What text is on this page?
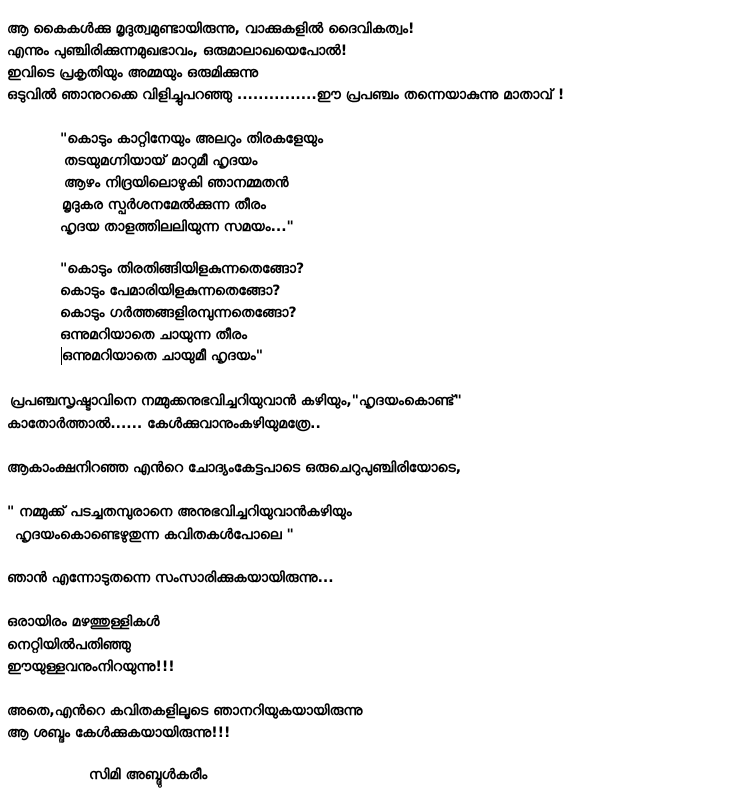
ആ കൈകൾക്കു മൃദുത്വമുണ്ടായിരുന്നു, വാക്കുകളിൽ ദൈവികത്വം!
എന്നും പുഞ്ചിരിക്കുന്നമുഖഭാവം, ഒരുമാലാഖയെപോൽ!
ഇവിടെ പ്രകൃതിയും അമ്മയും ഒരുമിക്കുന്നു
ഒടുവിൽ ഞാനുറക്കെ വിളിച്ചുപറഞ്ഞു ...............ഈ പ്രപഞ്ചം തന്നെയാകുന്നു മാതാവ് !
"കൊടും കാറ്റിനേയും അലറും തിരകളേയും
തടയുമഗ്നിയായ് മാറുമീ ഹൃദയം
ആഴം നിദ്രയിലൊഴുകി ഞാനമ്മതൻ
മൃദുകര സ്പർശനമേൽക്കുന്ന തീരം
ഹൃദയ താളത്തിലലിയുന്ന സമയം..."
"കൊടും തിരതിങ്ങിയിളകുന്നതെങ്ങോ?
കൊടും പേമാരിയിളകുന്നതെങ്ങോ?
കൊടും ഗർത്തങ്ങളിരമ്പുന്നതെങ്ങോ?
ഒന്നുമറിയാതെ ചായുന്ന തീരം
ഒന്നുമറിയാതെ ചായുമീ ഹൃദയം"
പ്രപഞ്ചസൃഷ്ടാവിനെ നമ്മുക്കനുഭവിച്ചറിയുവാൻ കഴിയും,"ഹൃദയംകൊണ്ട്"
കാതോർത്താൽ...... കേൾക്കുവാനുംകഴിയുമത്രേ..
ആകാംക്ഷനിറഞ്ഞ എൻറെ ചോദ്യംകേട്ടപാടെ ഒരുചെറുപുഞ്ചിരിയോടെ,
" നമ്മുക്ക് പടച്ചതമ്പുരാനെ അനുഭവിച്ചറിയുവാൻകഴിയും
ഹൃദയംകൊണ്ടെഴുതുന്ന കവിതകൾപോലെ "
ഞാൻ എന്നോടുതന്നെ സംസാരിക്കുകയായിരുന്നു...
ഒരായിരം മഴത്തുള്ളികൾ
നെറ്റിയിൽപതിഞ്ഞു
ഈയുള്ളവനുംനിറയുന്നു!!!
അതെ,എൻറെ കവിതകളിലൂടെ ഞാനറിയുകയായിരുന്നു
ആ ശബ്ദം കേൾക്കുകയായിരുന്നു!!!
സിമി അബ്ദുൾകരീം
